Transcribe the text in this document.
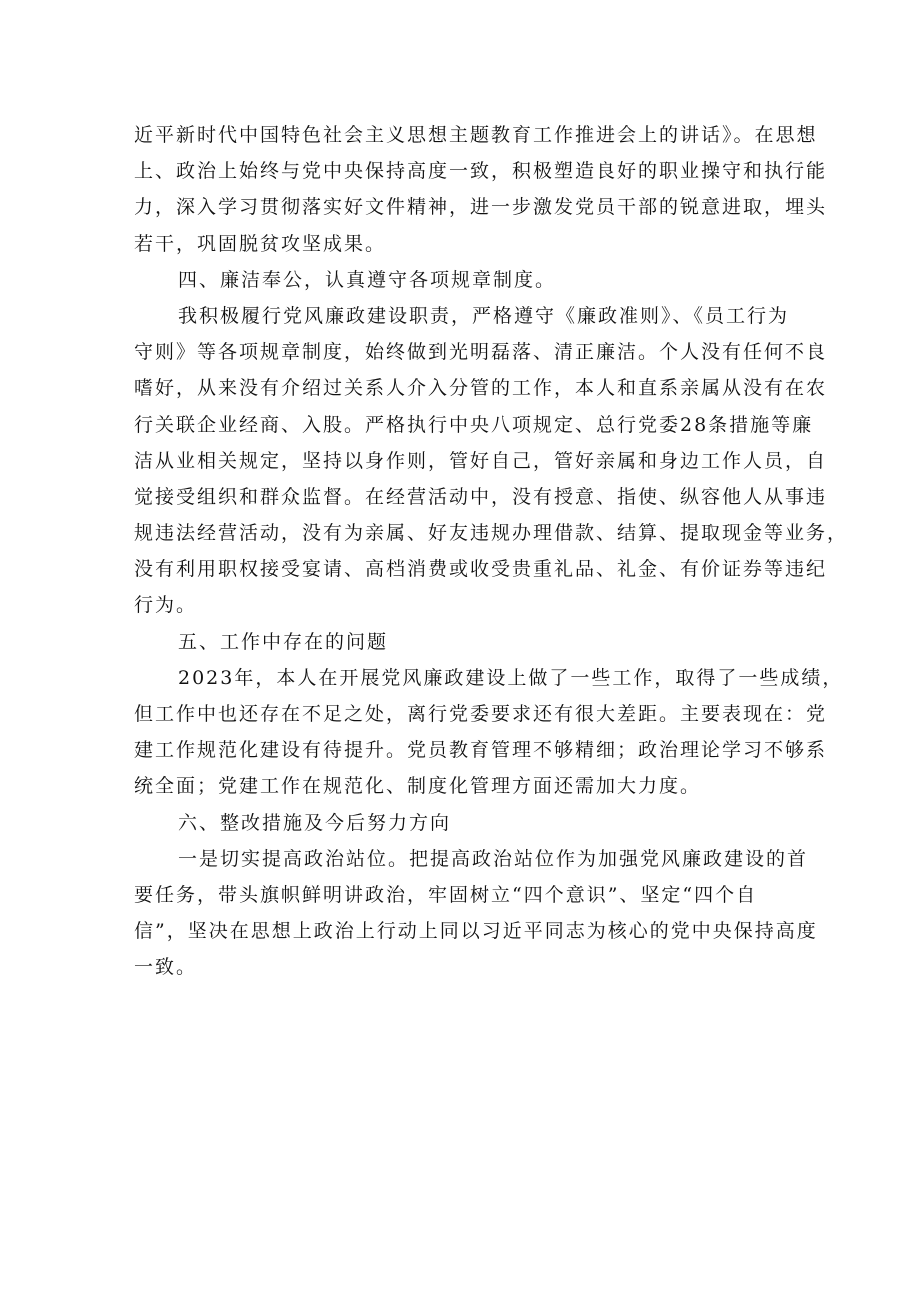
近平新时代中国特色社会主义思想主题教育工作推进会上的讲话》。在思想
上、政治上始终与党中央保持高度一致，积极塑造良好的职业操守和执行能
力，深入学习贯彻落实好文件精神，进一步激发党员干部的锐意进取，埋头
若干，巩固脱贫攻坚成果。
四、廉洁奉公，认真遵守各项规章制度。
我积极履行党风廉政建设职责，严格遵守《廉政准则》、《员工行为
守则》等各项规章制度，始终做到光明磊落、清正廉洁。个人没有任何不良
嗜好，从来没有介绍过关系人介入分管的工作，本人和直系亲属从没有在农
行关联企业经商、入股。严格执行中央八项规定、总行党委28条措施等廉
洁从业相关规定，坚持以身作则，管好自己，管好亲属和身边工作人员，自
觉接受组织和群众监督。在经营活动中，没有授意、指使、纵容他人从事违
规违法经营活动，没有为亲属、好友违规办理借款、结算、提取现金等业务，
没有利用职权接受宴请、高档消费或收受贵重礼品、礼金、有价证券等违纪
行为。
五、工作中存在的问题
2023年，本人在开展党风廉政建设上做了一些工作，取得了一些成绩，
但工作中也还存在不足之处，离行党委要求还有很大差距。主要表现在：党
建工作规范化建设有待提升。党员教育管理不够精细；政治理论学习不够系
统全面；党建工作在规范化、制度化管理方面还需加大力度。
六、整改措施及今后努力方向
一是切实提高政治站位。把提高政治站位作为加强党风廉政建设的首
要任务，带头旗帜鲜明讲政治，牢固树立“四个意识”、坚定“四个自
信”，坚决在思想上政治上行动上同以习近平同志为核心的党中央保持高度
一致。
